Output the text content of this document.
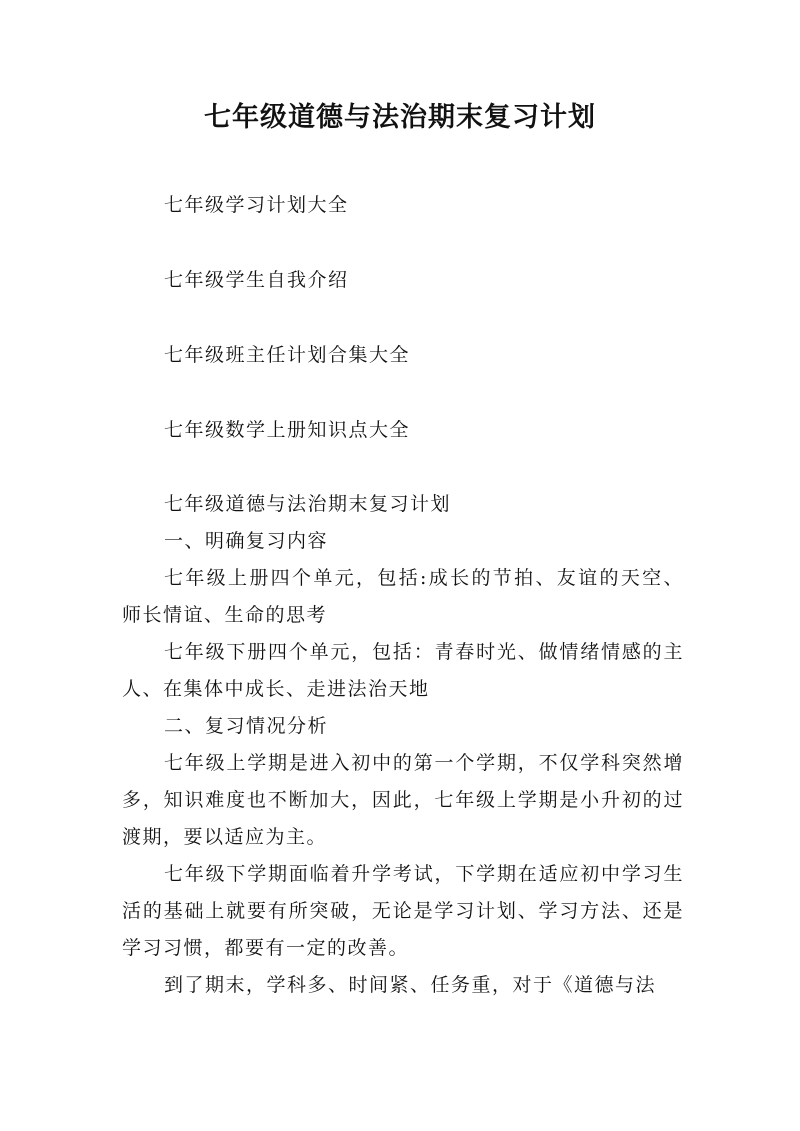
七年级道德与法治期末复习计划
七年级学习计划大全
七年级学生自我介绍
七年级班主任计划合集大全
七年级数学上册知识点大全

七年级道德与法治期末复习计划

一、明确复习内容

七年级上册四个单元，包括:成长的节拍、友谊的天空、师长情谊、生命的思考

七年级下册四个单元，包括：青春时光、做情绪情感的主人、在集体中成长、走进法治天地

二、复习情况分析

七年级上学期是进入初中的第一个学期，不仅学科突然增多，知识难度也不断加大，因此，七年级上学期是小升初的过渡期，要以适应为主。

七年级下学期面临着升学考试，下学期在适应初中学习生活的基础上就要有所突破，无论是学习计划、学习方法、还是学习习惯，都要有一定的改善。

到了期末，学科多、时间紧、任务重，对于《道德与法
